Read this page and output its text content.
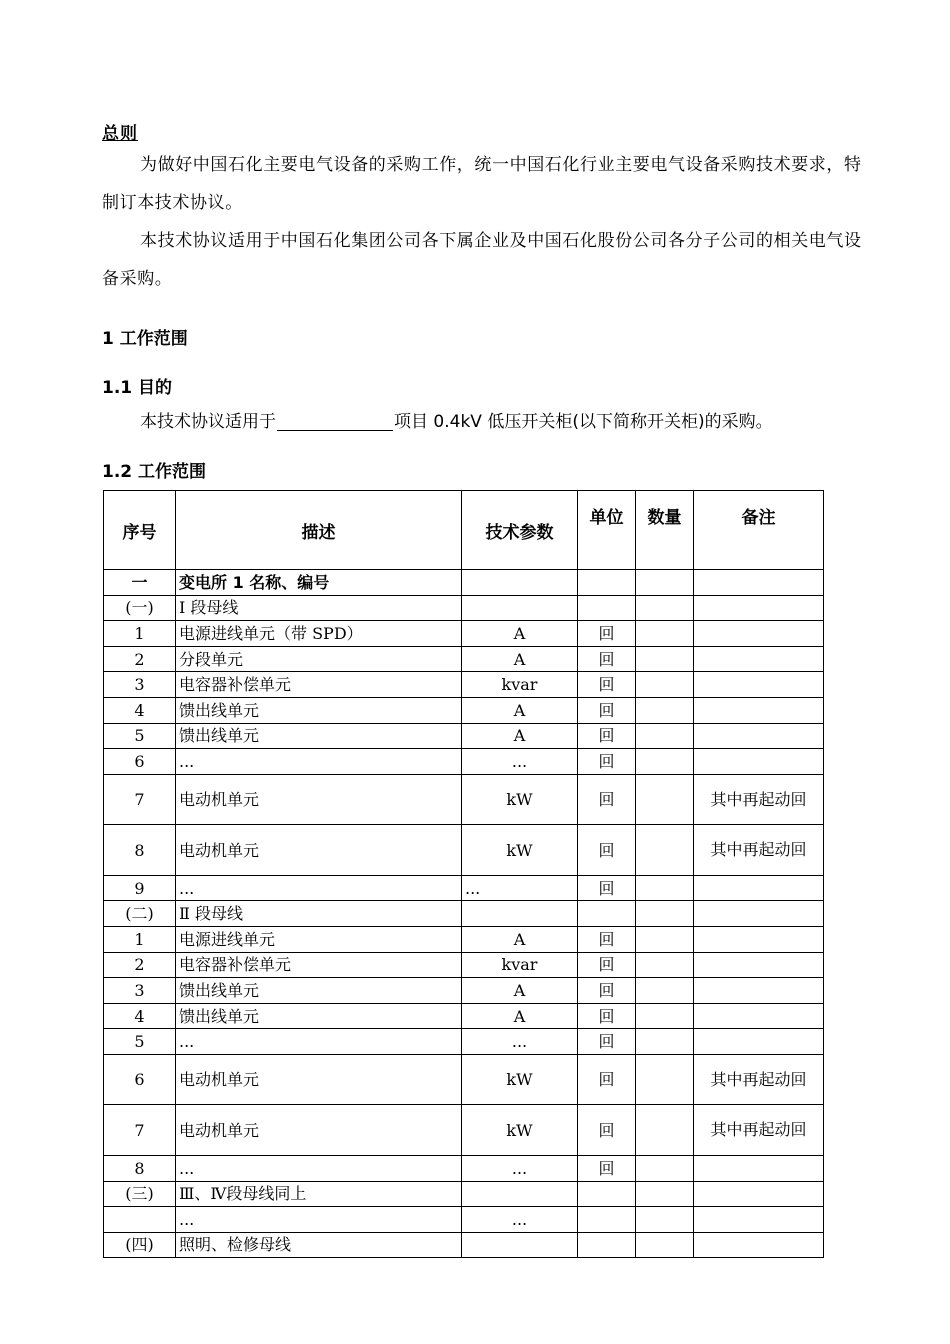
总则
为做好中国石化主要电气设备的采购工作，统一中国石化行业主要电气设备采购技术要求，特制订本技术协议。
本技术协议适用于中国石化集团公司各下属企业及中国石化股份公司各分子公司的相关电气设备采购。
1 工作范围
1.1 目的
本技术协议适用于	项目 0.4kV 低压开关柜(以下简称开关柜)的采购。
1.2 工作范围
序号	描述	技术参数	单位	数量	备注
一	变电所 1 名称、编号				
(一)	Ⅰ 段母线				
1	电源进线单元（带 SPD）	A	回		
2	分段单元	A	回		
3	电容器补偿单元	kvar	回		
4	馈出线单元	A	回		
5	馈出线单元	A	回		
6	...	...	回		
7	电动机单元	kW	回		其中再起动回
8	电动机单元	kW	回		其中再起动回
9	...	...	回		
(二)	Ⅱ 段母线				
1	电源进线单元	A	回		
2	电容器补偿单元	kvar	回		
3	馈出线单元	A	回		
4	馈出线单元	A	回		
5	...	...	回		
6	电动机单元	kW	回		其中再起动回
7	电动机单元	kW	回		其中再起动回
8	...	...	回		
(三)	Ⅲ、Ⅳ段母线同上				
	...	...			
(四)	照明、检修母线				
